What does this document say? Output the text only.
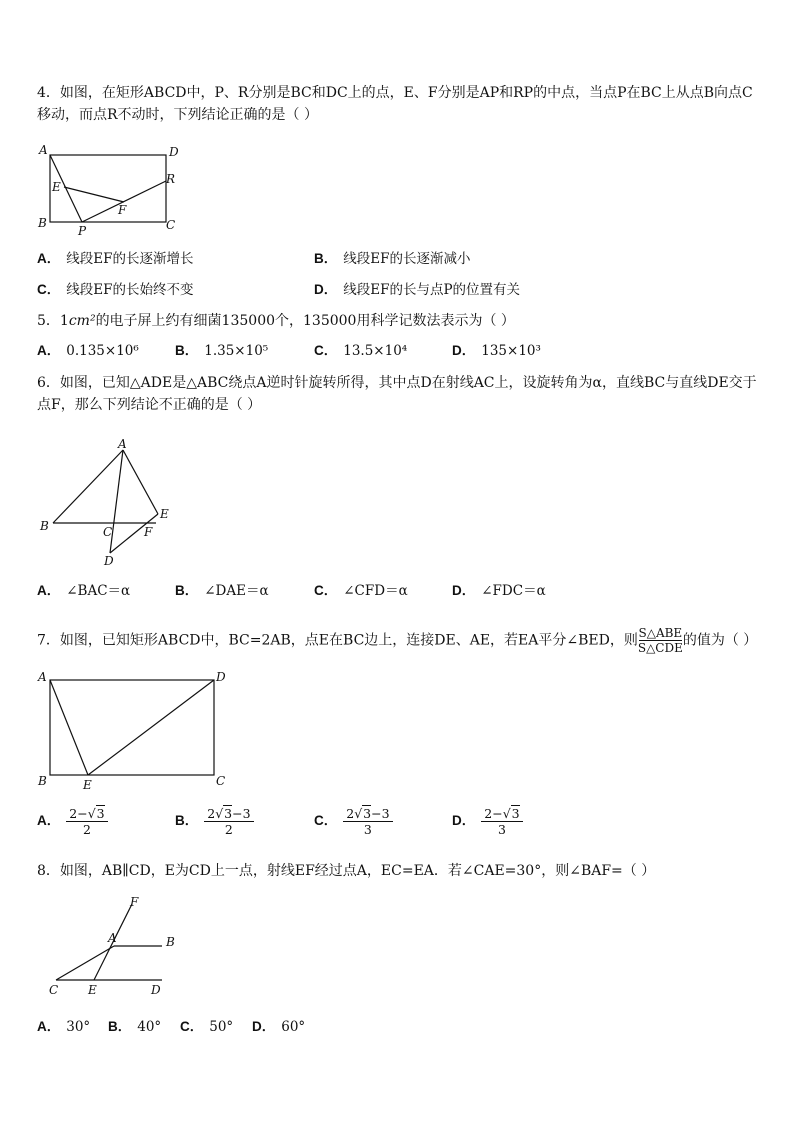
4．如图，在矩形ABCD中，P、R分别是BC和DC上的点，E、F分别是AP和RP的中点，当点P在BC上从点B向点C移动，而点R不动时，下列结论正确的是（ ）

A	D
E
R
F
B
P	C
A． 线段EF的长逐渐增长	B． 线段EF的长逐渐减小
C． 线段EF的长始终不变	D． 线段EF的长与点P的位置有关

5．1cm²的电子屏上约有细菌135000个，135000用科学记数法表示为（ ）

A． 0.135×10⁶	B． 1.35×10⁵	C． 13.5×10⁴	D． 135×10³

6．如图，已知△ADE是△ABC绕点A逆时针旋转所得，其中点D在射线AC上，设旋转角为α，直线BC与直线DE交于点F，那么下列结论不正确的是（ ）

A
B
E
C	F
D
A． ∠BAC＝α	B． ∠DAE＝α	C． ∠CFD＝α	D． ∠FDC＝α

7．如图，已知矩形ABCD中，BC=2AB，点E在BC边上，连接DE、AE，若EA平分∠BED，则 S△ABE
S△CDE 的值为（ ）

A	D
B	E	C
A． $\frac{2-√3}{2}$	B． $\frac{2√3-3}{2}$	C． $\frac{2√3-3}{3}$	D． $\frac{2-√3}{3}$

8．如图，AB∥CD，E为CD上一点，射线EF经过点A，EC=EA．若∠CAE=30°，则∠BAF=（ ）

F
A	B
C E	D
A． 30° B． 40° C． 50° D． 60°
